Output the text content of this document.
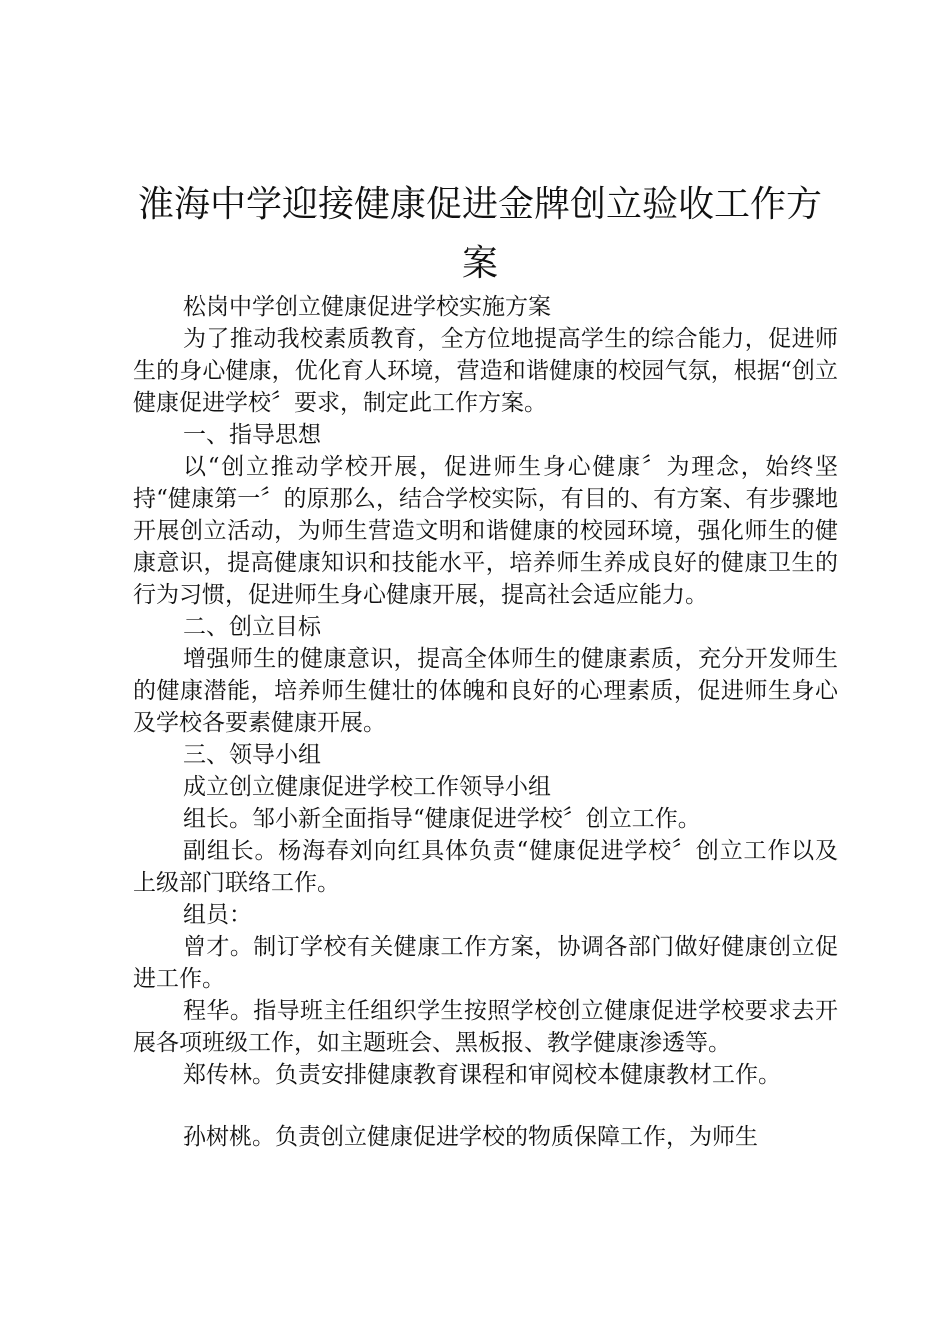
淮海中学迎接健康促进金牌创立验收工作方
案

松岗中学创立健康促进学校实施方案

为了推动我校素质教育，全方位地提高学生的综合能力，促进师生的身心健康，优化育人环境，营造和谐健康的校园气氛，根据“创立健康促进学校〞要求，制定此工作方案。

一、指导思想

以“创立推动学校开展，促进师生身心健康〞为理念，始终坚持“健康第一〞的原那么，结合学校实际，有目的、有方案、有步骤地开展创立活动，为师生营造文明和谐健康的校园环境，强化师生的健康意识，提高健康知识和技能水平，培养师生养成良好的健康卫生的行为习惯，促进师生身心健康开展，提高社会适应能力。

二、创立目标

增强师生的健康意识，提高全体师生的健康素质，充分开发师生的健康潜能，培养师生健壮的体魄和良好的心理素质，促进师生身心及学校各要素健康开展。

三、领导小组

成立创立健康促进学校工作领导小组

组长。邹小新全面指导“健康促进学校〞创立工作。

副组长。杨海春刘向红具体负责“健康促进学校〞创立工作以及上级部门联络工作。

组员：

曾才。制订学校有关健康工作方案，协调各部门做好健康创立促进工作。

程华。指导班主任组织学生按照学校创立健康促进学校要求去开展各项班级工作，如主题班会、黑板报、教学健康渗透等。

郑传林。负责安排健康教育课程和审阅校本健康教材工作。

孙树桃。负责创立健康促进学校的物质保障工作，为师生
